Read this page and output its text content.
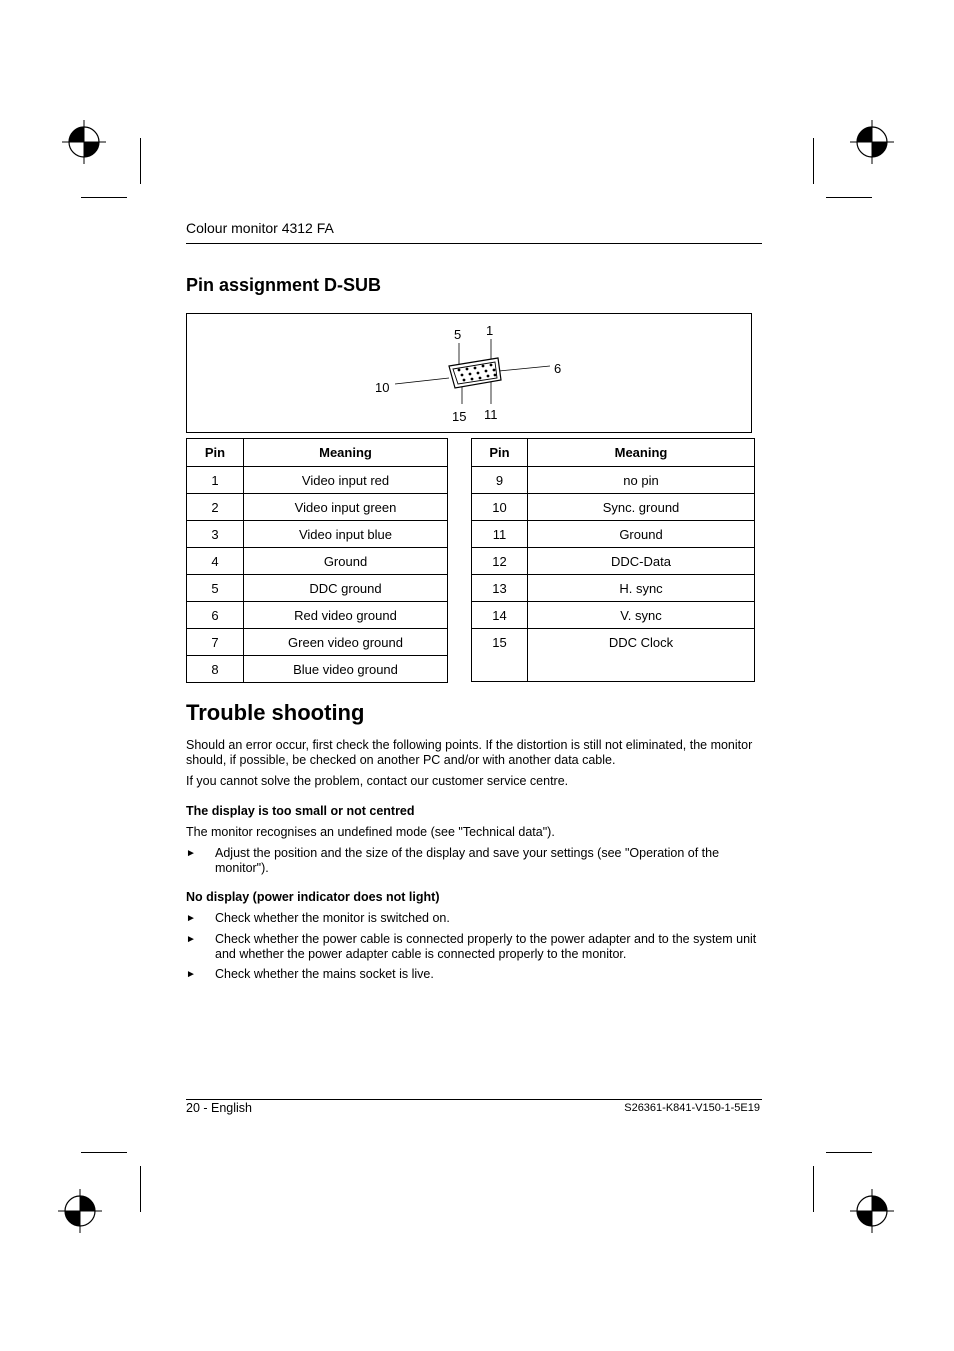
Colour monitor 4312 FA
Pin assignment D-SUB
5 1
6
10
15 11
Pin	Meaning
1	Video input red
2	Video input green
3	Video input blue
4	Ground
5	DDC ground
6	Red video ground
7	Green video ground
8	Blue video ground
Pin	Meaning
9	no pin
10	Sync. ground
11	Ground
12	DDC-Data
13	H. sync
14	V. sync
15	DDC Clock
Trouble shooting
Should an error occur, first check the following points. If the distortion is still not eliminated, the monitor should, if possible, be checked on another PC and/or with another data cable.
If you cannot solve the problem, contact our customer service centre.
The display is too small or not centred
The monitor recognises an undefined mode (see "Technical data").
► Adjust the position and the size of the display and save your settings (see "Operation of the monitor").
No display (power indicator does not light)
► Check whether the monitor is switched on.
► Check whether the power cable is connected properly to the power adapter and to the system unit and whether the power adapter cable is connected properly to the monitor.
► Check whether the mains socket is live.
20 - English	S26361-K841-V150-1-5E19
